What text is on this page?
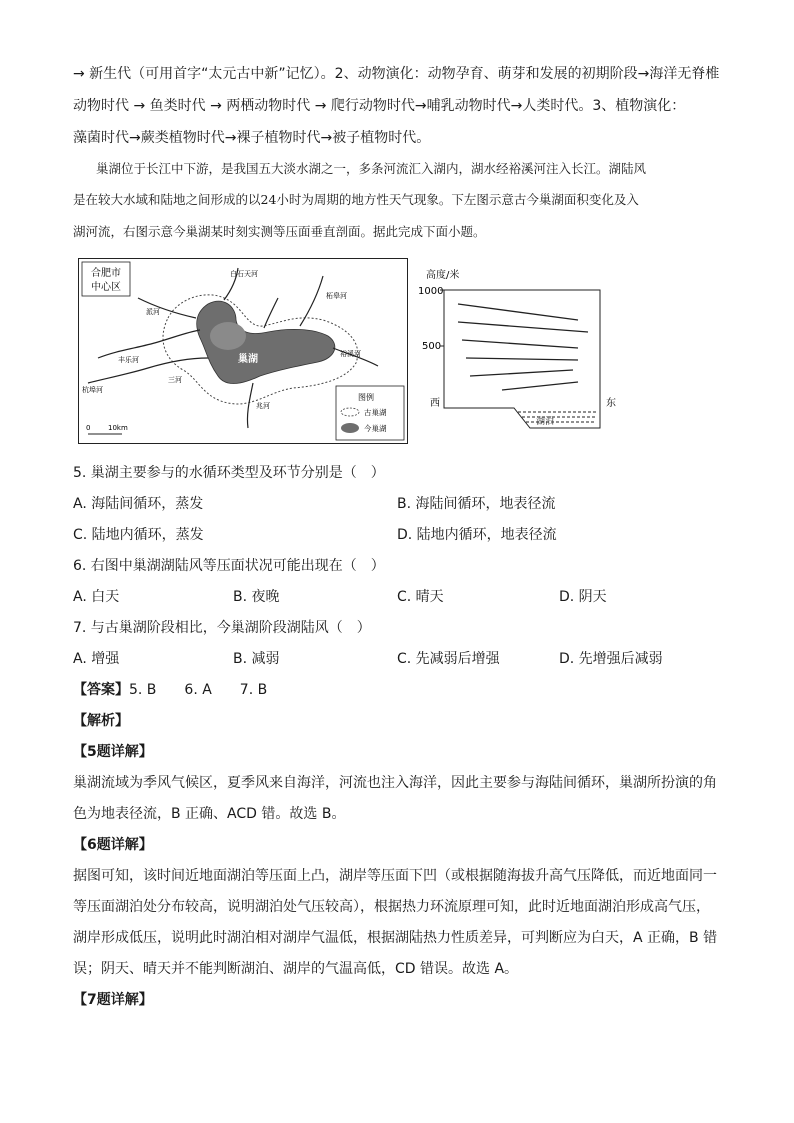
→ 新生代（可用首字“太元古中新”记忆）。2、动物演化：动物孕育、萌芽和发展的初期阶段→海洋无脊椎
动物时代 → 鱼类时代 → 两栖动物时代 → 爬行动物时代→哺乳动物时代→人类时代。3、植物演化：
藻菌时代→蕨类植物时代→裸子植物时代→被子植物时代。
巢湖位于长江中下游，是我国五大淡水湖之一，多条河流汇入湖内，湖水经裕溪河注入长江。湖陆风
是在较大水域和陆地之间形成的以24小时为周期的地方性天气现象。下左图示意古今巢湖面积变化及入
湖河流，右图示意今巢湖某时刻实测等压面垂直剖面。据此完成下面小题。
合肥市
中心区
派河
丰乐河
杭埠河
三河
白石天河
柘皋河
裕溪河
兆河
巢湖
0	10km
图例
古巢湖
今巢湖
高度/米
1000
500
湖泊
西	东
5. 巢湖主要参与的水循环类型及环节分别是（　）
A. 海陆间循环，蒸发	B. 海陆间循环，地表径流
C. 陆地内循环，蒸发	D. 陆地内循环，地表径流
6. 右图中巢湖湖陆风等压面状况可能出现在（　）
A. 白天	B. 夜晚	C. 晴天	D. 阴天
7. 与古巢湖阶段相比，今巢湖阶段湖陆风（　）
A. 增强	B. 减弱	C. 先减弱后增强	D. 先增强后减弱
【答案】5. B　　6. A　　7. B
【解析】
【5题详解】
巢湖流域为季风气候区，夏季风来自海洋，河流也注入海洋，因此主要参与海陆间循环，巢湖所扮演的角
色为地表径流，B 正确、ACD 错。故选 B。
【6题详解】
据图可知，该时间近地面湖泊等压面上凸，湖岸等压面下凹（或根据随海拔升高气压降低，而近地面同一
等压面湖泊处分布较高，说明湖泊处气压较高），根据热力环流原理可知，此时近地面湖泊形成高气压，
湖岸形成低压，说明此时湖泊相对湖岸气温低，根据湖陆热力性质差异，可判断应为白天，A 正确，B 错
误；阴天、晴天并不能判断湖泊、湖岸的气温高低，CD 错误。故选 A。
【7题详解】
